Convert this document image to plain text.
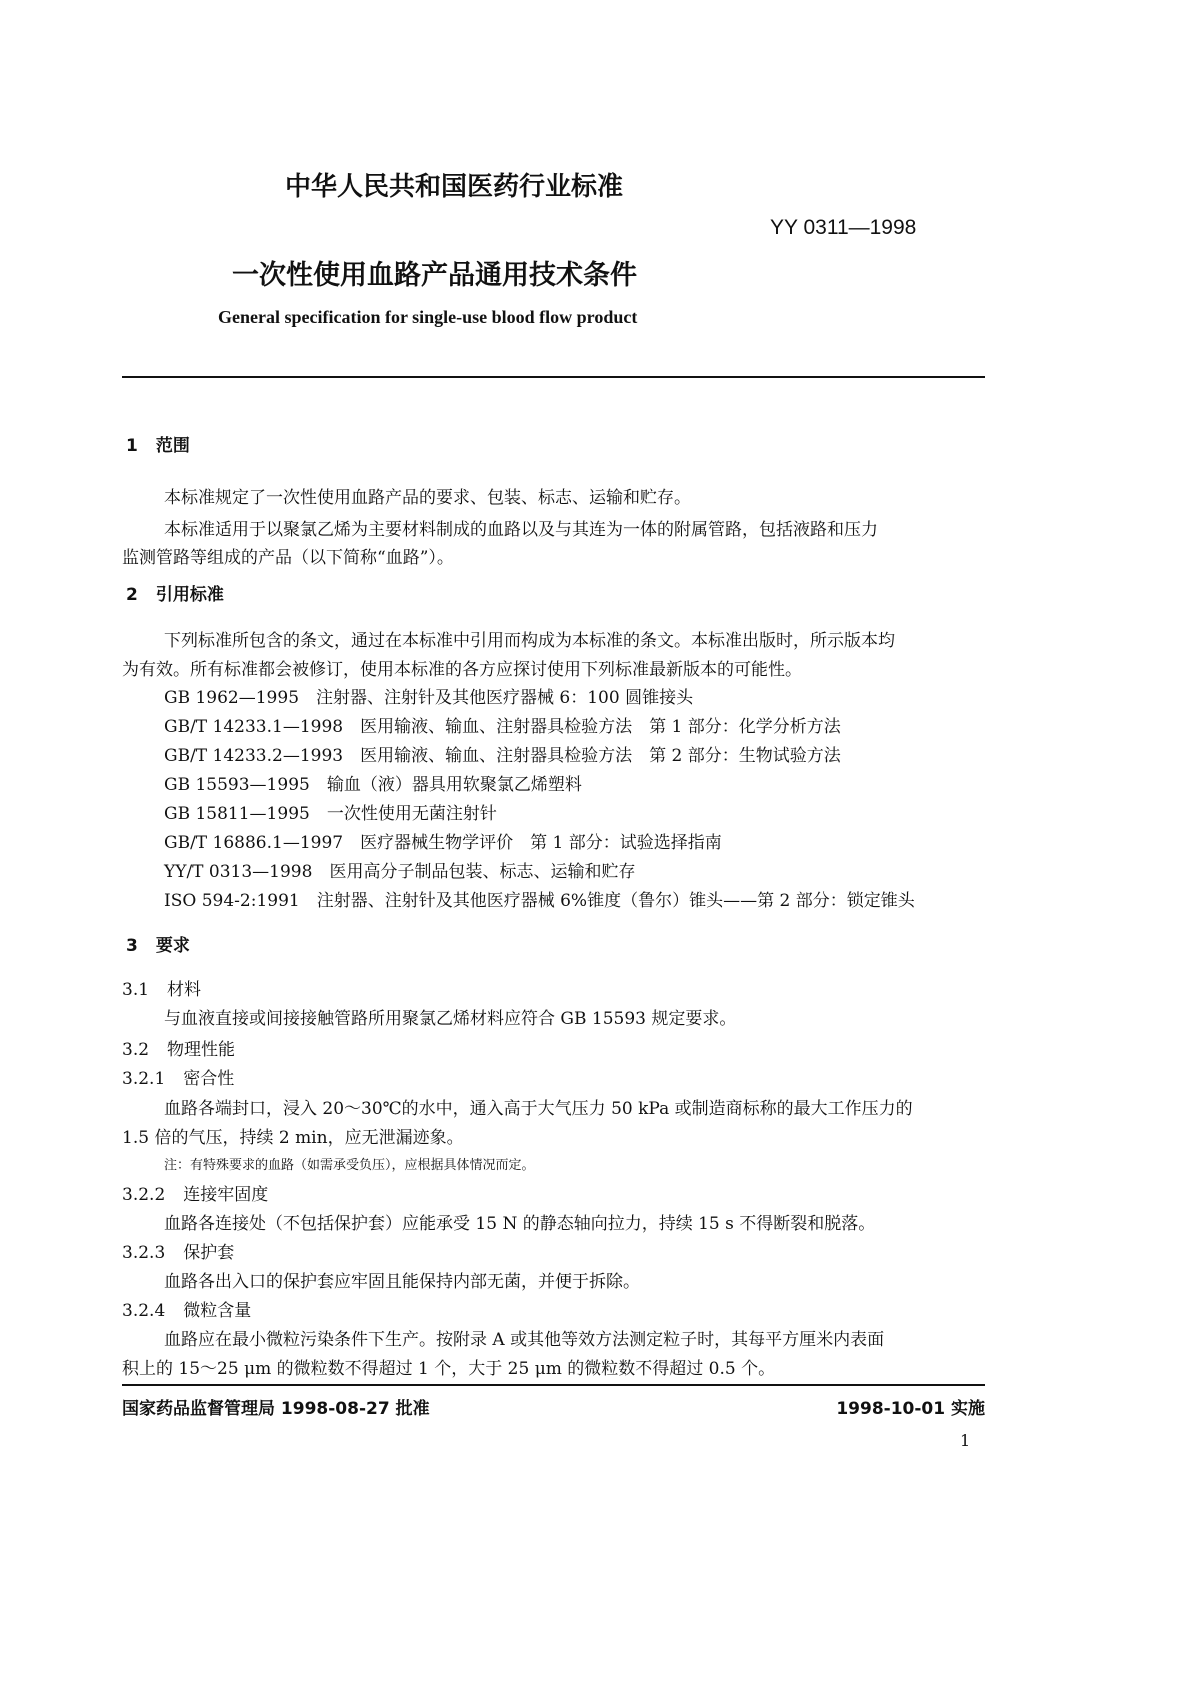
中华人民共和国医药行业标准
YY 0311—1998
一次性使用血路产品通用技术条件
General specification for single-use blood flow product
1 范围
本标准规定了一次性使用血路产品的要求、包装、标志、运输和贮存。
本标准适用于以聚氯乙烯为主要材料制成的血路以及与其连为一体的附属管路，包括液路和压力
监测管路等组成的产品（以下简称“血路”）。
2 引用标准
下列标准所包含的条文，通过在本标准中引用而构成为本标准的条文。本标准出版时，所示版本均
为有效。所有标准都会被修订，使用本标准的各方应探讨使用下列标准最新版本的可能性。
GB 1962—1995　注射器、注射针及其他医疗器械 6：100 圆锥接头
GB/T 14233.1—1998　医用输液、输血、注射器具检验方法　第 1 部分：化学分析方法
GB/T 14233.2—1993　医用输液、输血、注射器具检验方法　第 2 部分：生物试验方法
GB 15593—1995　输血（液）器具用软聚氯乙烯塑料
GB 15811—1995　一次性使用无菌注射针
GB/T 16886.1—1997　医疗器械生物学评价　第 1 部分：试验选择指南
YY/T 0313—1998　医用高分子制品包装、标志、运输和贮存
ISO 594-2:1991　注射器、注射针及其他医疗器械 6%锥度（鲁尔）锥头——第 2 部分：锁定锥头
3 要求
3.1 材料
与血液直接或间接接触管路所用聚氯乙烯材料应符合 GB 15593 规定要求。
3.2 物理性能
3.2.1 密合性
血路各端封口，浸入 20～30℃的水中，通入高于大气压力 50 kPa 或制造商标称的最大工作压力的
1.5 倍的气压，持续 2 min，应无泄漏迹象。
注：有特殊要求的血路（如需承受负压），应根据具体情况而定。
3.2.2 连接牢固度
血路各连接处（不包括保护套）应能承受 15 N 的静态轴向拉力，持续 15 s 不得断裂和脱落。
3.2.3 保护套
血路各出入口的保护套应牢固且能保持内部无菌，并便于拆除。
3.2.4 微粒含量
血路应在最小微粒污染条件下生产。按附录 A 或其他等效方法测定粒子时，其每平方厘米内表面
积上的 15～25 μm 的微粒数不得超过 1 个，大于 25 μm 的微粒数不得超过 0.5 个。
国家药品监督管理局 1998-08-27 批准	1998-10-01 实施
1
